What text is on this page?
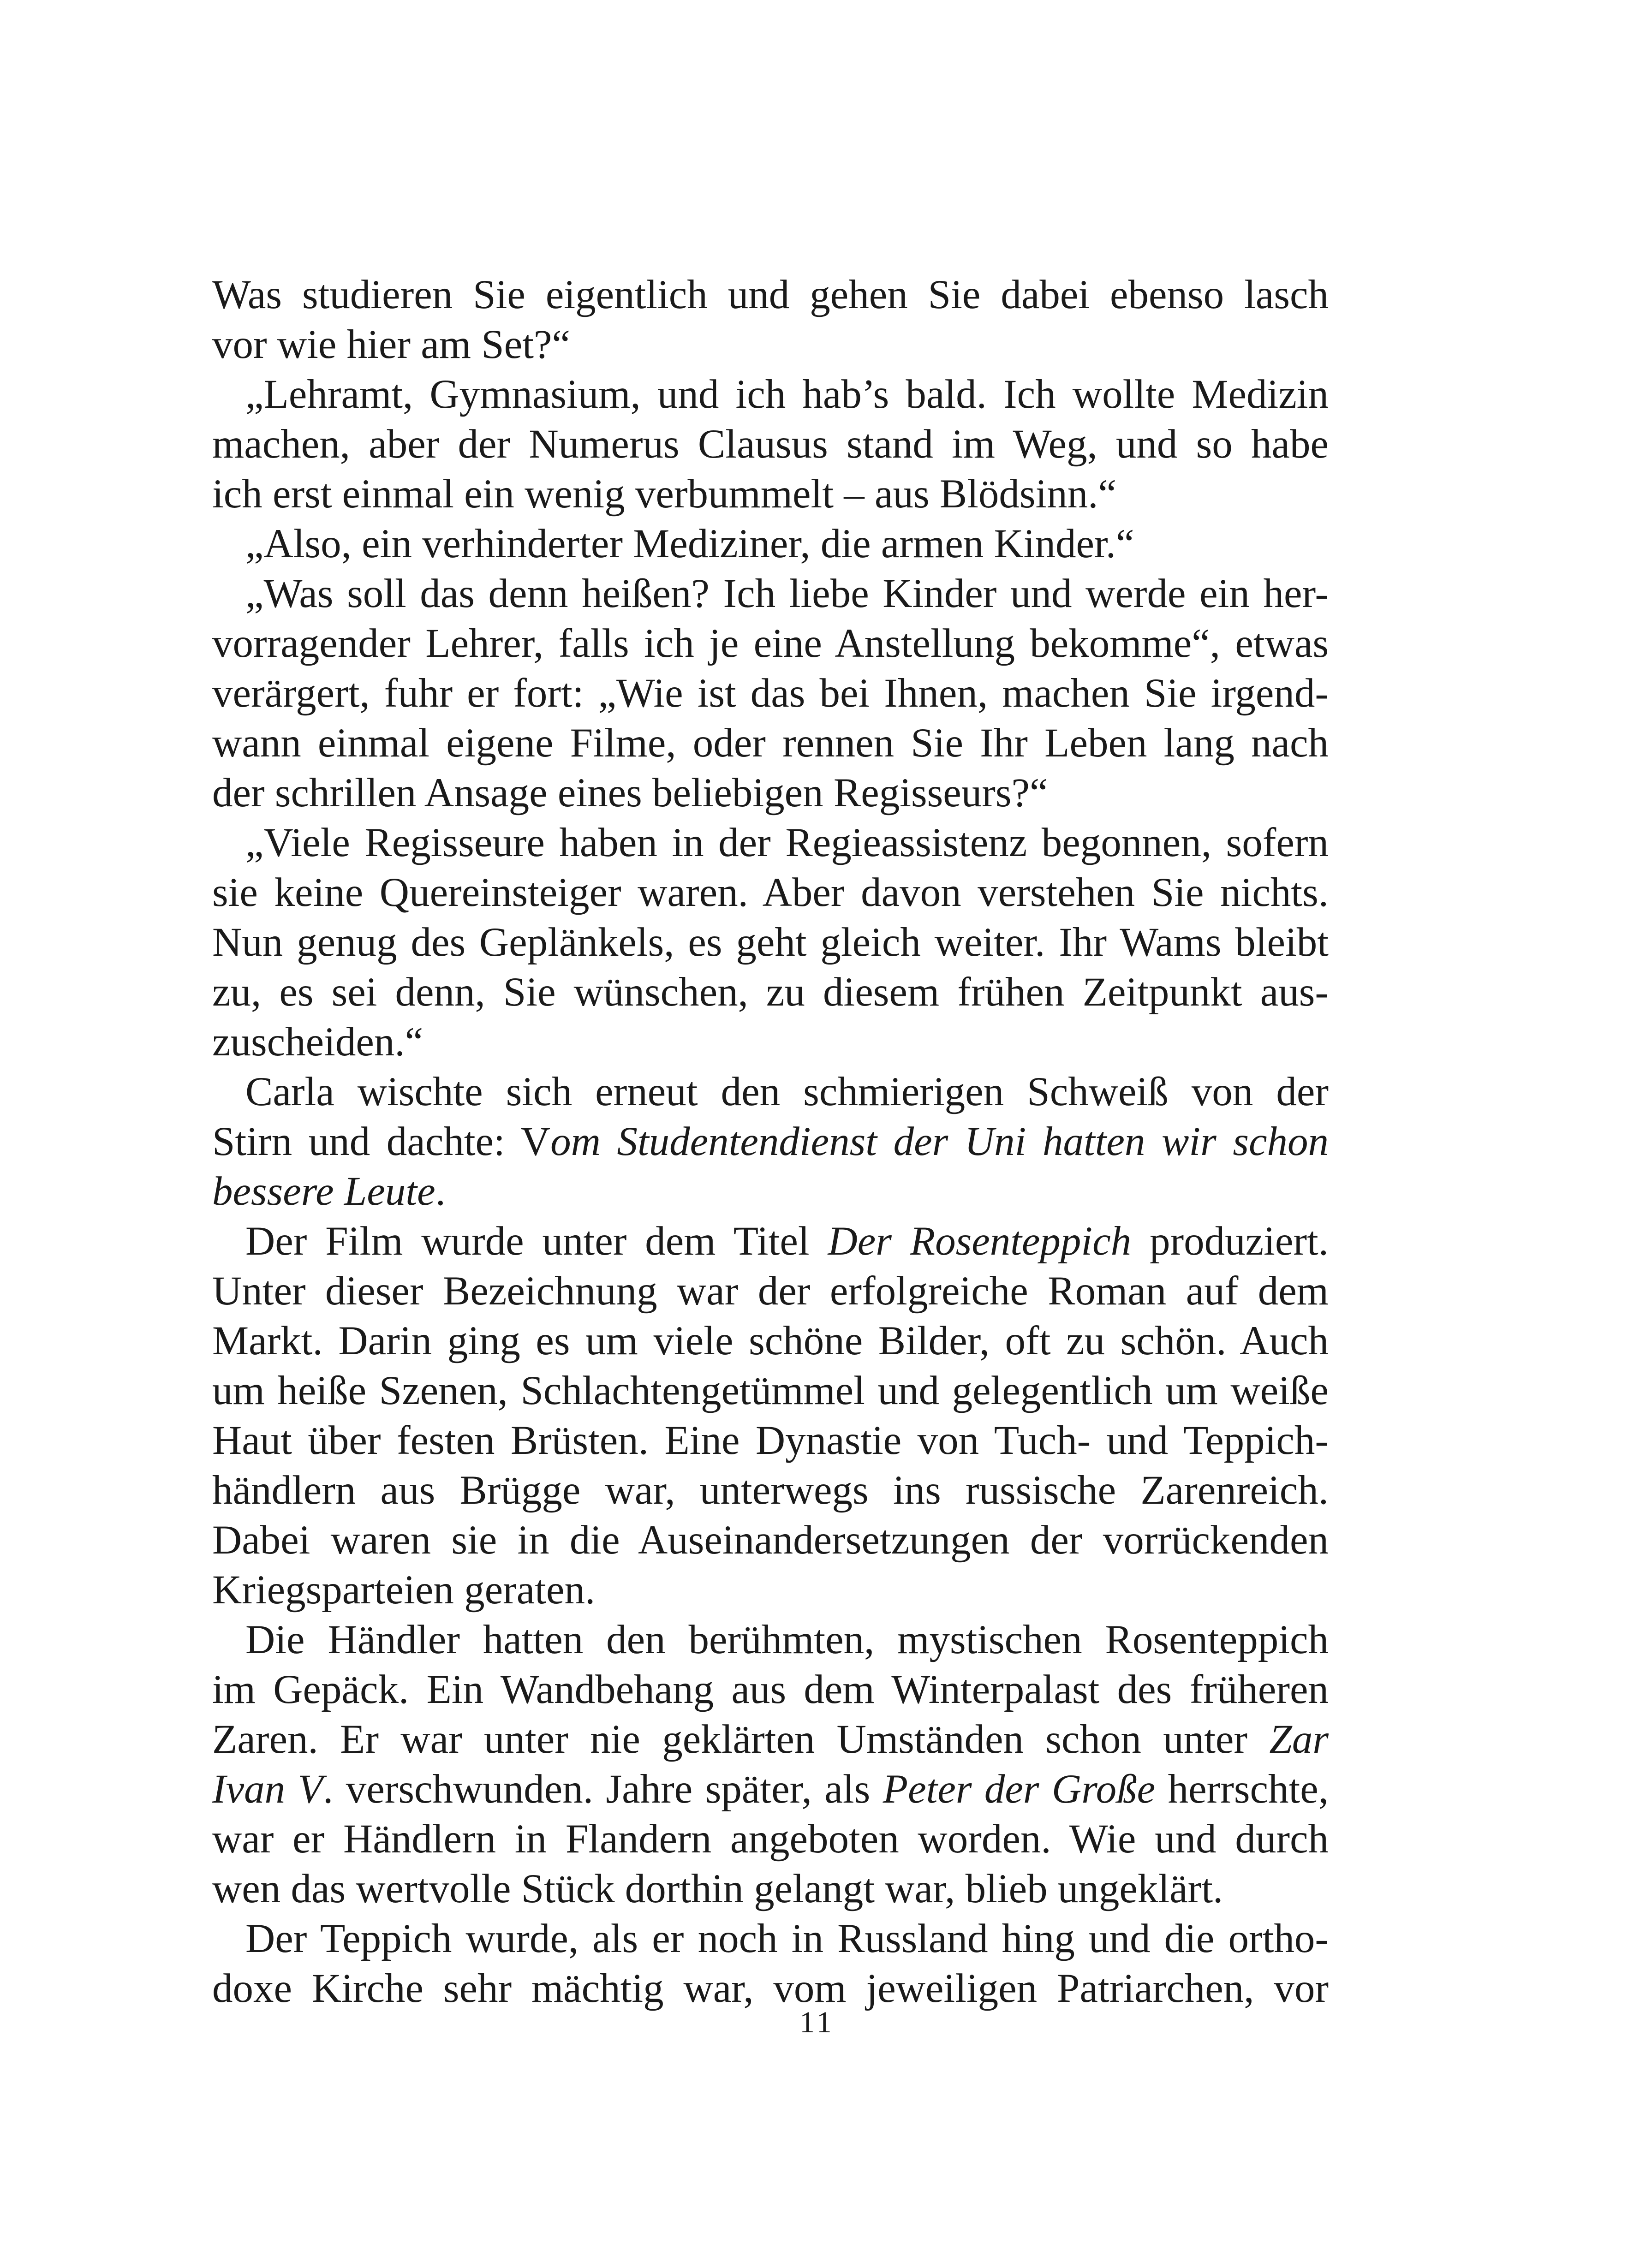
Was studieren Sie eigentlich und gehen Sie dabei ebenso lasch
vor wie hier am Set?“
„Lehramt, Gymnasium, und ich hab’s bald. Ich wollte Medizin
machen, aber der Numerus Clausus stand im Weg, und so habe
ich erst einmal ein wenig verbummelt – aus Blödsinn.“
„Also, ein verhinderter Mediziner, die armen Kinder.“
„Was soll das denn heißen? Ich liebe Kinder und werde ein her-
vorragender Lehrer, falls ich je eine Anstellung bekomme“, etwas
verärgert, fuhr er fort: „Wie ist das bei Ihnen, machen Sie irgend-
wann einmal eigene Filme, oder rennen Sie Ihr Leben lang nach
der schrillen Ansage eines beliebigen Regisseurs?“
„Viele Regisseure haben in der Regieassistenz begonnen, sofern
sie keine Quereinsteiger waren. Aber davon verstehen Sie nichts.
Nun genug des Geplänkels, es geht gleich weiter. Ihr Wams bleibt
zu, es sei denn, Sie wünschen, zu diesem frühen Zeitpunkt aus-
zuscheiden.“
Carla wischte sich erneut den schmierigen Schweiß von der
Stirn und dachte: Vom Studentendienst der Uni hatten wir schon
bessere Leute.
Der Film wurde unter dem Titel Der Rosenteppich produziert.
Unter dieser Bezeichnung war der erfolgreiche Roman auf dem
Markt. Darin ging es um viele schöne Bilder, oft zu schön. Auch
um heiße Szenen, Schlachtengetümmel und gelegentlich um weiße
Haut über festen Brüsten. Eine Dynastie von Tuch- und Teppich-
händlern aus Brügge war, unterwegs ins russische Zarenreich.
Dabei waren sie in die Auseinandersetzungen der vorrückenden
Kriegsparteien geraten.
Die Händler hatten den berühmten, mystischen Rosenteppich
im Gepäck. Ein Wandbehang aus dem Winterpalast des früheren
Zaren. Er war unter nie geklärten Umständen schon unter Zar
Ivan V. verschwunden. Jahre später, als Peter der Große herrschte,
war er Händlern in Flandern angeboten worden. Wie und durch
wen das wertvolle Stück dorthin gelangt war, blieb ungeklärt.
Der Teppich wurde, als er noch in Russland hing und die ortho-
doxe Kirche sehr mächtig war, vom jeweiligen Patriarchen, vor
11
